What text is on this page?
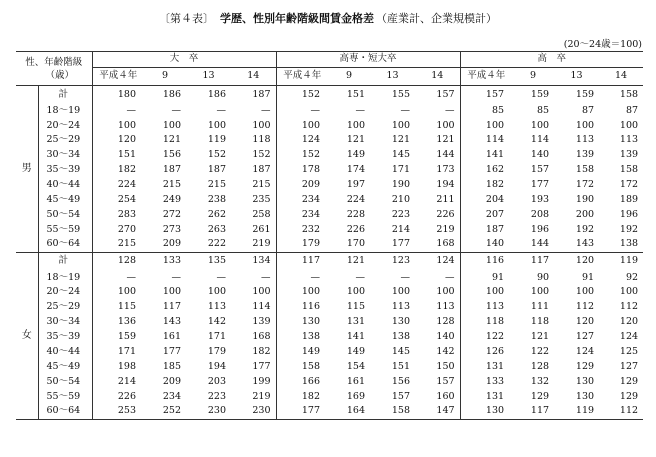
〔第４表〕 学歴、性別年齢階級間賃金格差 （産業計、企業規模計）
(20〜24歳＝100)
性、年齢階級
（歳）		大　卒				高専・短大卒				高　卒			
		平成４年	9	13	14	平成４年	9	13	14	平成４年	9	13	14
男	計	180	186	186	187	152	151	155	157	157	159	159	158
	18〜19	—	—	—	—	—	—	—	—	85	85	87	87
	20〜24	100	100	100	100	100	100	100	100	100	100	100	100
	25〜29	120	121	119	118	124	121	121	121	114	114	113	113
	30〜34	151	156	152	152	152	149	145	144	141	140	139	139
	35〜39	182	187	187	187	178	174	171	173	162	157	158	158
	40〜44	224	215	215	215	209	197	190	194	182	177	172	172
	45〜49	254	249	238	235	234	224	210	211	204	193	190	189
	50〜54	283	272	262	258	234	228	223	226	207	208	200	196
	55〜59	270	273	263	261	232	226	214	219	187	196	192	192
	60〜64	215	209	222	219	179	170	177	168	140	144	143	138
女	計	128	133	135	134	117	121	123	124	116	117	120	119
	18〜19	—	—	—	—	—	—	—	—	91	90	91	92
	20〜24	100	100	100	100	100	100	100	100	100	100	100	100
	25〜29	115	117	113	114	116	115	113	113	113	111	112	112
	30〜34	136	143	142	139	130	131	130	128	118	118	120	120
	35〜39	159	161	171	168	138	141	138	140	122	121	127	124
	40〜44	171	177	179	182	149	149	145	142	126	122	124	125
	45〜49	198	185	194	177	158	154	151	150	131	128	129	127
	50〜54	214	209	203	199	166	161	156	157	133	132	130	129
	55〜59	226	234	223	219	182	169	157	160	131	129	130	129
	60〜64	253	252	230	230	177	164	158	147	130	117	119	112
